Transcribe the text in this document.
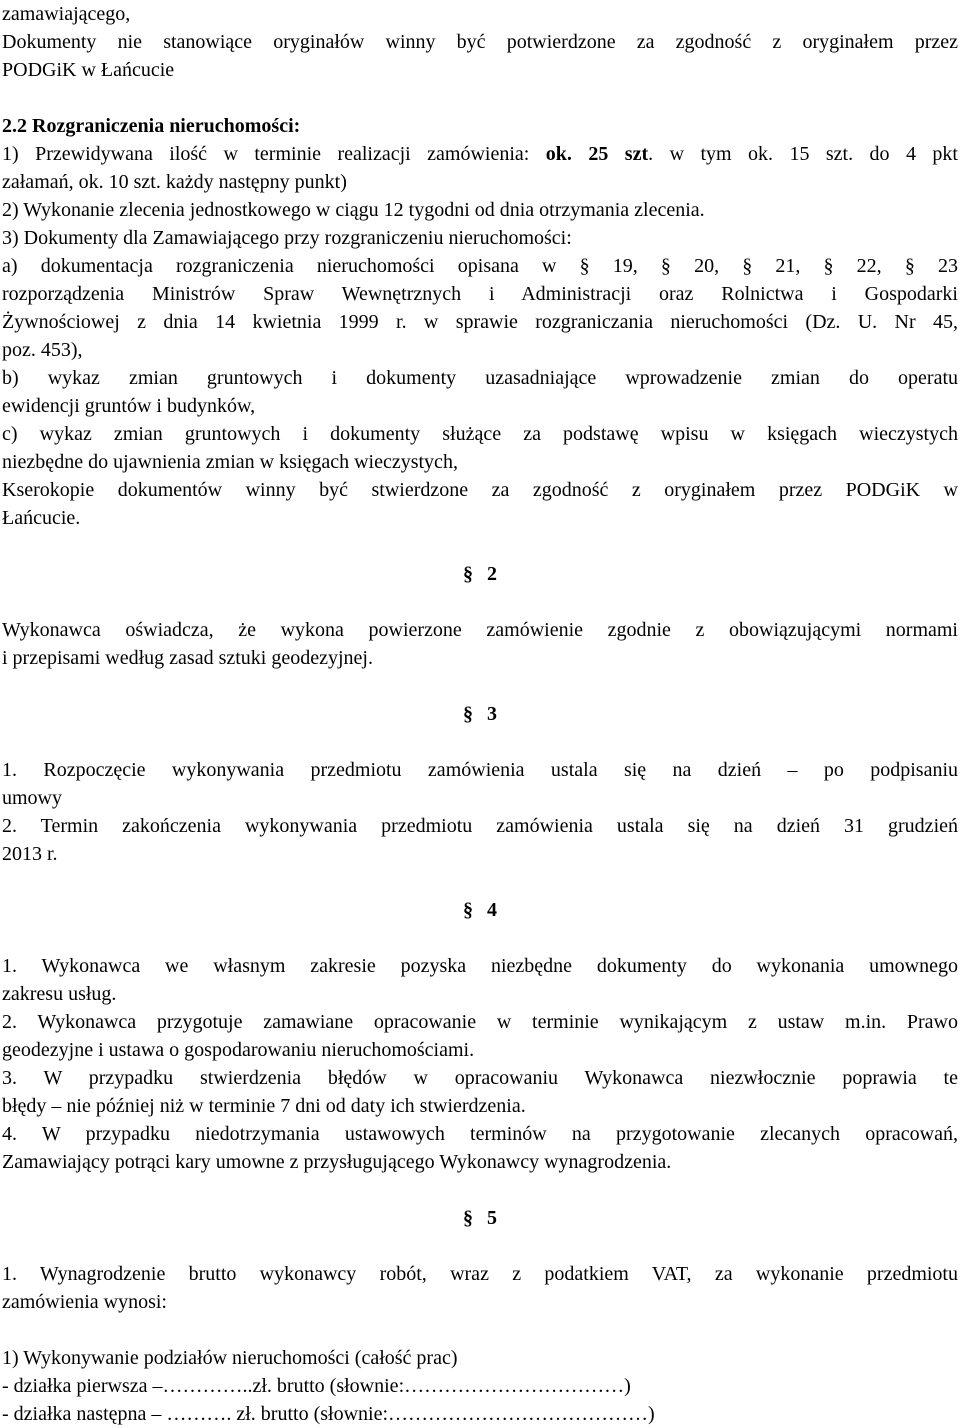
zamawiającego,

Dokumenty nie stanowiące oryginałów winny być potwierdzone za zgodność z oryginałem przez

PODGiK w Łańcucie

2.2 Rozgraniczenia nieruchomości:

1) Przewidywana ilość w terminie realizacji zamówienia: ok. 25 szt. w tym ok. 15 szt. do 4 pkt

załamań, ok. 10 szt. każdy następny punkt)

2) Wykonanie zlecenia jednostkowego w ciągu 12 tygodni od dnia otrzymania zlecenia.

3) Dokumenty dla Zamawiającego przy rozgraniczeniu nieruchomości:

a) dokumentacja rozgraniczenia nieruchomości opisana w § 19, § 20, § 21, § 22, § 23

rozporządzenia Ministrów Spraw Wewnętrznych i Administracji oraz Rolnictwa i Gospodarki

Żywnościowej z dnia 14 kwietnia 1999 r. w sprawie rozgraniczania nieruchomości (Dz. U. Nr 45,

poz. 453),

b) wykaz zmian gruntowych i dokumenty uzasadniające wprowadzenie zmian do operatu

ewidencji gruntów i budynków,

c) wykaz zmian gruntowych i dokumenty służące za podstawę wpisu w księgach wieczystych

niezbędne do ujawnienia zmian w księgach wieczystych,

Kserokopie dokumentów winny być stwierdzone za zgodność z oryginałem przez PODGiK w

Łańcucie.

§ 2

Wykonawca oświadcza, że wykona powierzone zamówienie zgodnie z obowiązującymi normami

i przepisami według zasad sztuki geodezyjnej.

§ 3

1. Rozpoczęcie wykonywania przedmiotu zamówienia ustala się na dzień – po podpisaniu

umowy

2. Termin zakończenia wykonywania przedmiotu zamówienia ustala się na dzień 31 grudzień

2013 r.

§ 4

1. Wykonawca we własnym zakresie pozyska niezbędne dokumenty do wykonania umownego

zakresu usług.

2. Wykonawca przygotuje zamawiane opracowanie w terminie wynikającym z ustaw m.in. Prawo

geodezyjne i ustawa o gospodarowaniu nieruchomościami.

3. W przypadku stwierdzenia błędów w opracowaniu Wykonawca niezwłocznie poprawia te

błędy – nie później niż w terminie 7 dni od daty ich stwierdzenia.

4. W przypadku niedotrzymania ustawowych terminów na przygotowanie zlecanych opracowań,

Zamawiający potrąci kary umowne z przysługującego Wykonawcy wynagrodzenia.

§ 5

1. Wynagrodzenie brutto wykonawcy robót, wraz z podatkiem VAT, za wykonanie przedmiotu

zamówienia wynosi:

1) Wykonywanie podziałów nieruchomości (całość prac)

- działka pierwsza –…………..zł. brutto (słownie:……………………………)

- działka następna – ………. zł. brutto (słownie:…………………………………)
